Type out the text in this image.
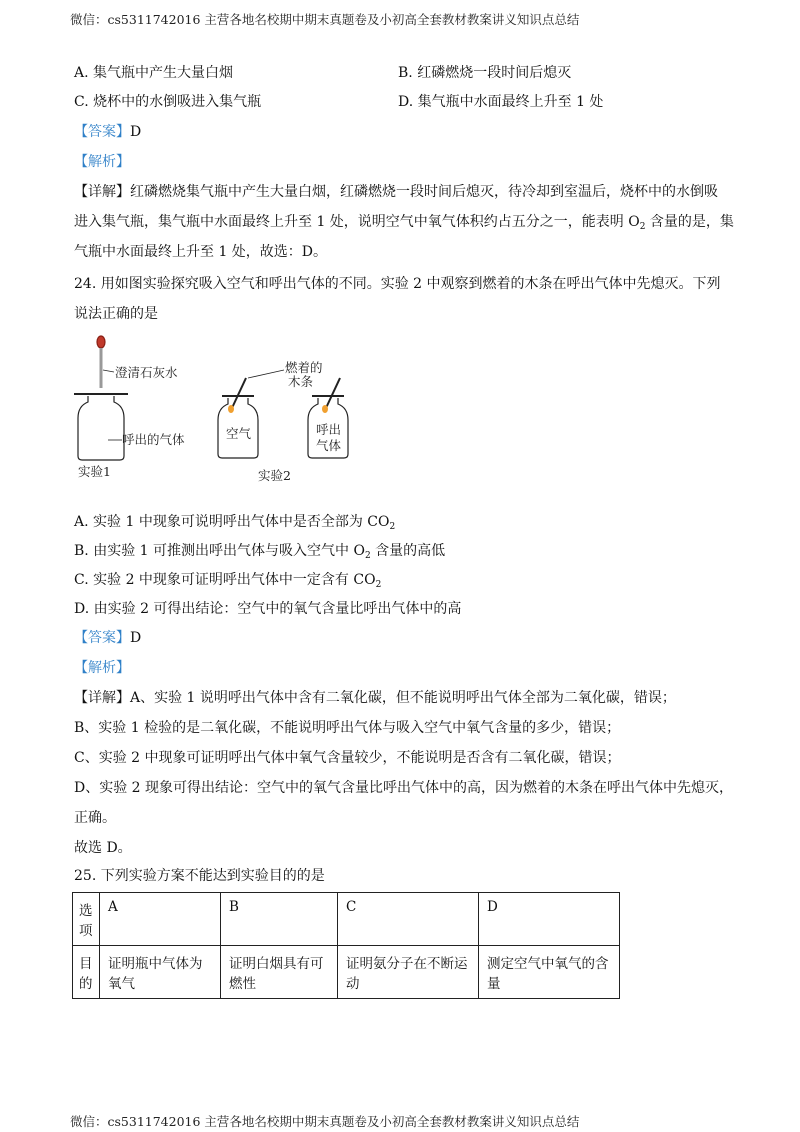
微信：cs5311742016 主营各地名校期中期末真题卷及小初高全套教材教案讲义知识点总结
A. 集气瓶中产生大量白烟	B. 红磷燃烧一段时间后熄灭
C. 烧杯中的水倒吸进入集气瓶	D. 集气瓶中水面最终上升至 1 处
【答案】D
【解析】
【详解】红磷燃烧集气瓶中产生大量白烟，红磷燃烧一段时间后熄灭，待冷却到室温后，烧杯中的水倒吸
进入集气瓶，集气瓶中水面最终上升至 1 处，说明空气中氧气体积约占五分之一，能表明 $O_2$ 含量的是，集
气瓶中水面最终上升至 1 处，故选：D。
24. 用如图实验探究吸入空气和呼出气体的不同。实验 2 中观察到燃着的木条在呼出气体中先熄灭。下列
说法正确的是
澄清石灰水
呼出的气体
实验1
燃着的
木条
空气	呼出
气体
实验2
A. 实验 1 中现象可说明呼出气体中是否全部为 $CO_2$
B. 由实验 1 可推测出呼出气体与吸入空气中 $O_2$ 含量的高低
C. 实验 2 中现象可证明呼出气体中一定含有 $CO_2$
D. 由实验 2 可得出结论：空气中的氧气含量比呼出气体中的高
【答案】D
【解析】
【详解】A、实验 1 说明呼出气体中含有二氧化碳，但不能说明呼出气体全部为二氧化碳，错误；
B、实验 1 检验的是二氧化碳，不能说明呼出气体与吸入空气中氧气含量的多少，错误；
C、实验 2 中现象可证明呼出气体中氧气含量较少，不能说明是否含有二氧化碳，错误；
D、实验 2 现象可得出结论：空气中的氧气含量比呼出气体中的高，因为燃着的木条在呼出气体中先熄灭，
正确。
故选 D。
25. 下列实验方案不能达到实验目的的是
选项	A	B	C	D
目的	证明瓶中气体为氧气	证明白烟具有可燃性	证明氨分子在不断运动	测定空气中氧气的含量
微信：cs5311742016 主营各地名校期中期末真题卷及小初高全套教材教案讲义知识点总结
